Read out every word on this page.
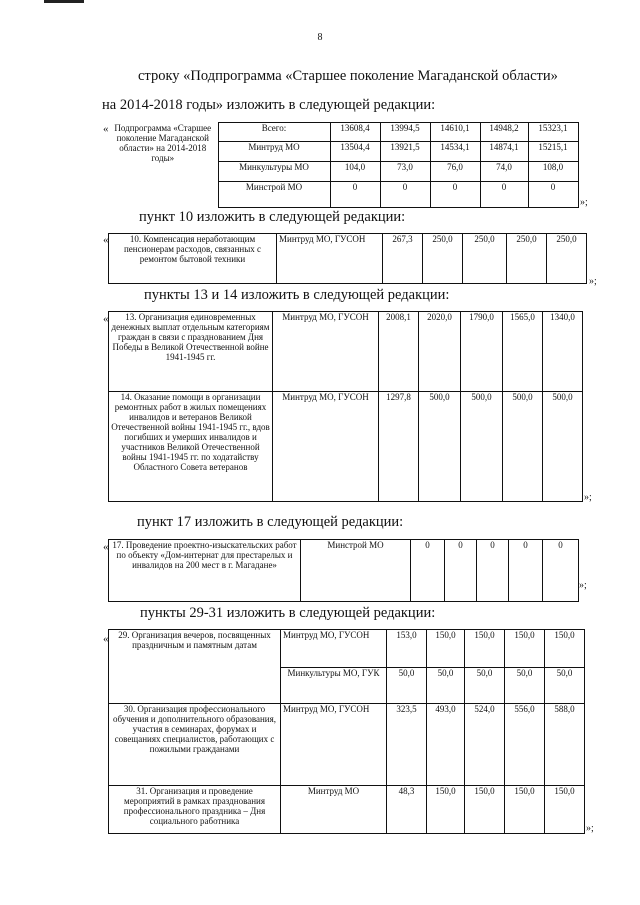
8
строку «Подпрограмма «Старшее поколение Магаданской области»
на 2014-2018 годы» изложить в следующей редакции:
« Подпрограмма «Старшее поколение Магаданской области» на 2014-2018 годы»	Всего:	13608,4	13994,5	14610,1	14948,2	15323,1
	Минтруд МО	13504,4	13921,5	14534,1	14874,1	15215,1
	Минкультуры МО	104,0	73,0	76,0	74,0	108,0
	Минстрой МО	0	0	0	0	0
»;
пункт 10 изложить в следующей редакции:
« 10. Компенсация неработающим пенсионерам расходов, связанных с ремонтом бытовой техники	Минтруд МО, ГУСОН	267,3	250,0	250,0	250,0	250,0
»;
пункты 13 и 14 изложить в следующей редакции:
« 13. Организация единовременных денежных выплат отдельным категориям граждан в связи с празднованием Дня Победы в Великой Отечественной войне 1941-1945 гг.	Минтруд МО, ГУСОН	2008,1	2020,0	1790,0	1565,0	1340,0
14. Оказание помощи в организации ремонтных работ в жилых помещениях инвалидов и ветеранов Великой Отечественной войны 1941-1945 гг., вдов погибших и умерших инвалидов и участников Великой Отечественной войны 1941-1945 гг. по ходатайству Областного Совета ветеранов	Минтруд МО, ГУСОН	1297,8	500,0	500,0	500,0	500,0
»;
пункт 17 изложить в следующей редакции:
« 17. Проведение проектно-изыскательских работ по объекту «Дом-интернат для престарелых и инвалидов на 200 мест в г. Магадане»	Минстрой МО	0	0	0	0	0
»;
пункты 29-31 изложить в следующей редакции:
« 29. Организация вечеров, посвященных праздничным и памятным датам	Минтруд МО, ГУСОН	153,0	150,0	150,0	150,0	150,0
	Минкультуры МО, ГУК	50,0	50,0	50,0	50,0	50,0
30. Организация профессионального обучения и дополнительного образования, участия в семинарах, форумах и совещаниях специалистов, работающих с пожилыми гражданами	Минтруд МО, ГУСОН	323,5	493,0	524,0	556,0	588,0
31. Организация и проведение мероприятий в рамках празднования профессионального праздника – Дня социального работника	Минтруд МО	48,3	150,0	150,0	150,0	150,0
»;
